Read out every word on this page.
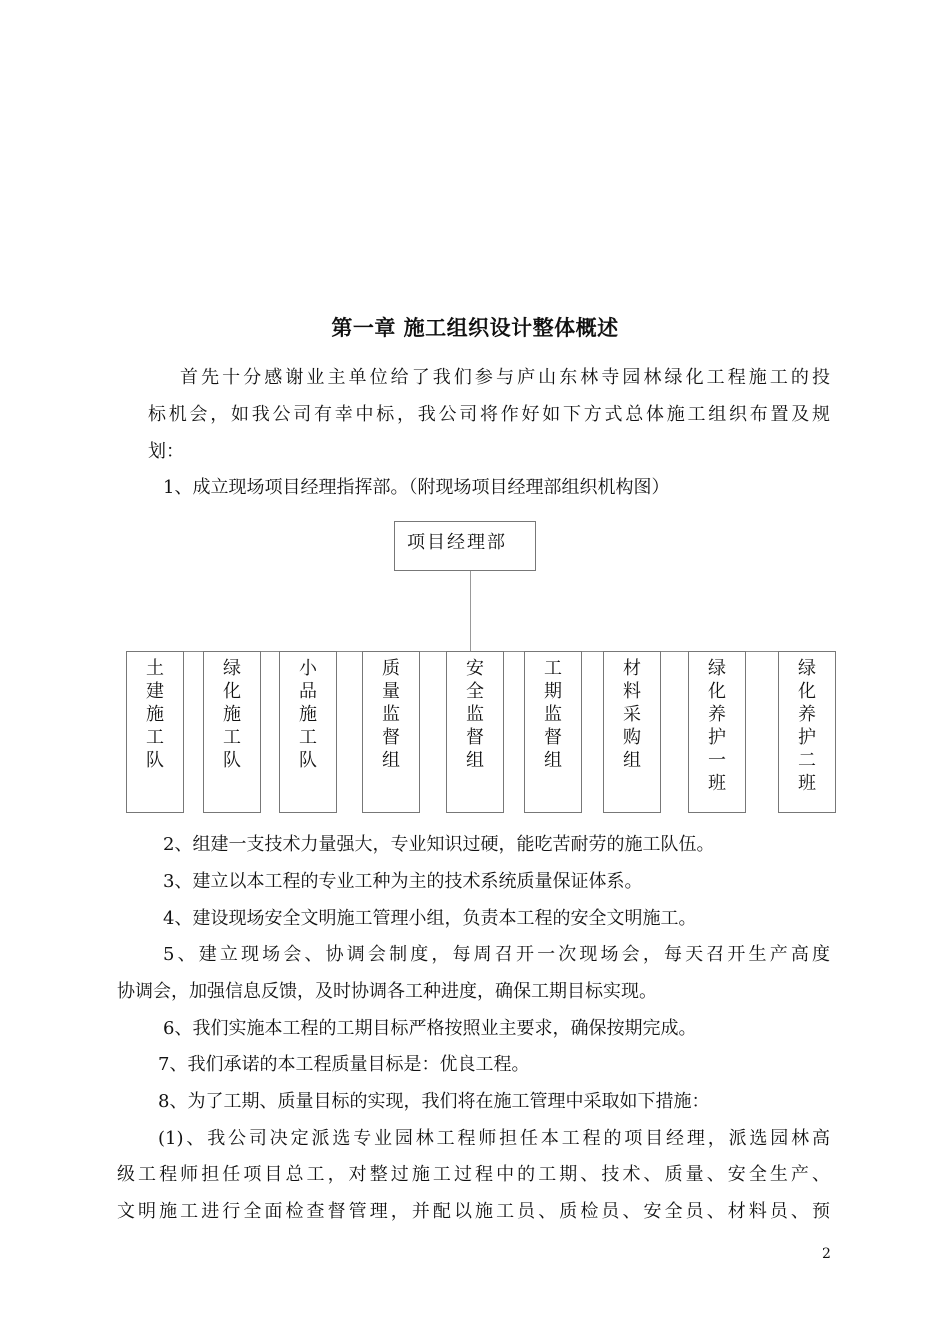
第一章 施工组织设计整体概述
首先十分感谢业主单位给了我们参与庐山东林寺园林绿化工程施工的投
标机会，如我公司有幸中标，我公司将作好如下方式总体施工组织布置及规
划：
1、成立现场项目经理指挥部。（附现场项目经理部组织机构图）
项目经理部
土
建
施
工
队
绿
化
施
工
队
小
品
施
工
队
质
量
监
督
组
安
全
监
督
组
工
期
监
督
组
材
料
采
购
组
绿
化
养
护
一
班
绿
化
养
护
二
班
2、组建一支技术力量强大，专业知识过硬，能吃苦耐劳的施工队伍。
3、建立以本工程的专业工种为主的技术系统质量保证体系。
4、建设现场安全文明施工管理小组，负责本工程的安全文明施工。
5、建立现场会、协调会制度，每周召开一次现场会，每天召开生产高度
协调会，加强信息反馈，及时协调各工种进度，确保工期目标实现。
6、我们实施本工程的工期目标严格按照业主要求，确保按期完成。
7、我们承诺的本工程质量目标是：优良工程。
8、为了工期、质量目标的实现，我们将在施工管理中采取如下措施：
(1)、我公司决定派选专业园林工程师担任本工程的项目经理，派选园林高
级工程师担任项目总工，对整过施工过程中的工期、技术、质量、安全生产、
文明施工进行全面检查督管理，并配以施工员、质检员、安全员、材料员、预
2
